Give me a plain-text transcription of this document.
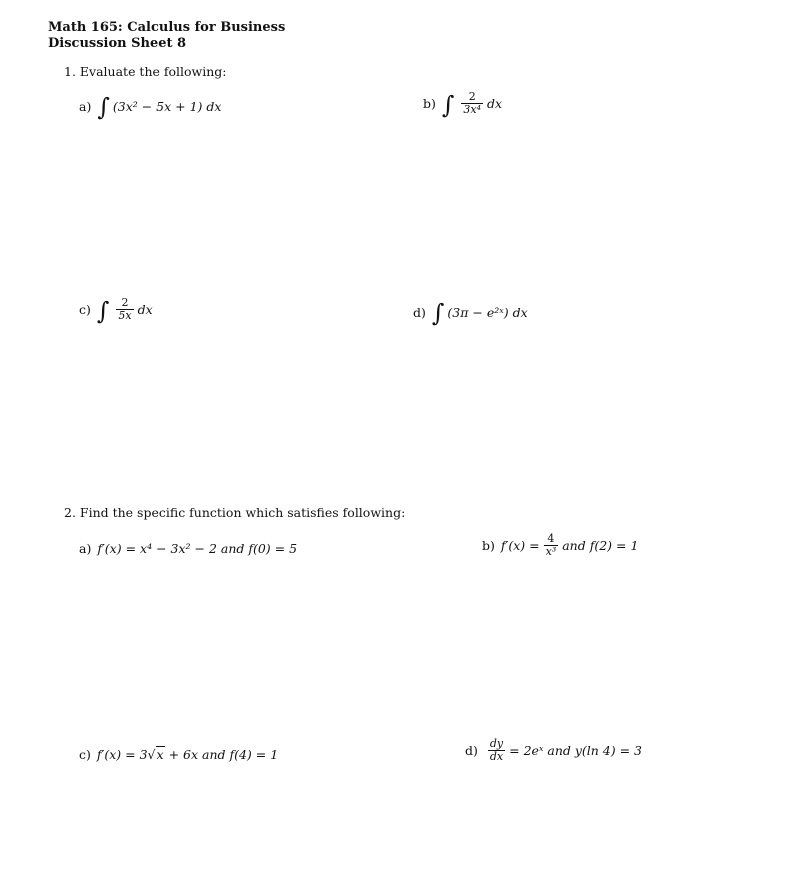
Math 165: Calculus for Business
Discussion Sheet 8
1. Evaluate the following:
a) ∫ (3x² − 5x + 1) dx	b) ∫ $\frac{2}{\text{3x⁴}}$ dx
c) ∫ $\frac{2}{5x}$ dx	d) ∫ (3π − e²ˣ) dx
2. Find the specific function which satisfies following:
a) f′(x) = x⁴ − 3x² − 2 and f(0) = 5	b) $f'(x) = \frac{4}{\text{x³}}$ and f(2) = 1
c) f′(x) = 3 √ x + 6x and f(4) = 1	$d) \frac{dy}{dx}$ = 2eˣ and y(ln 4) = 3
